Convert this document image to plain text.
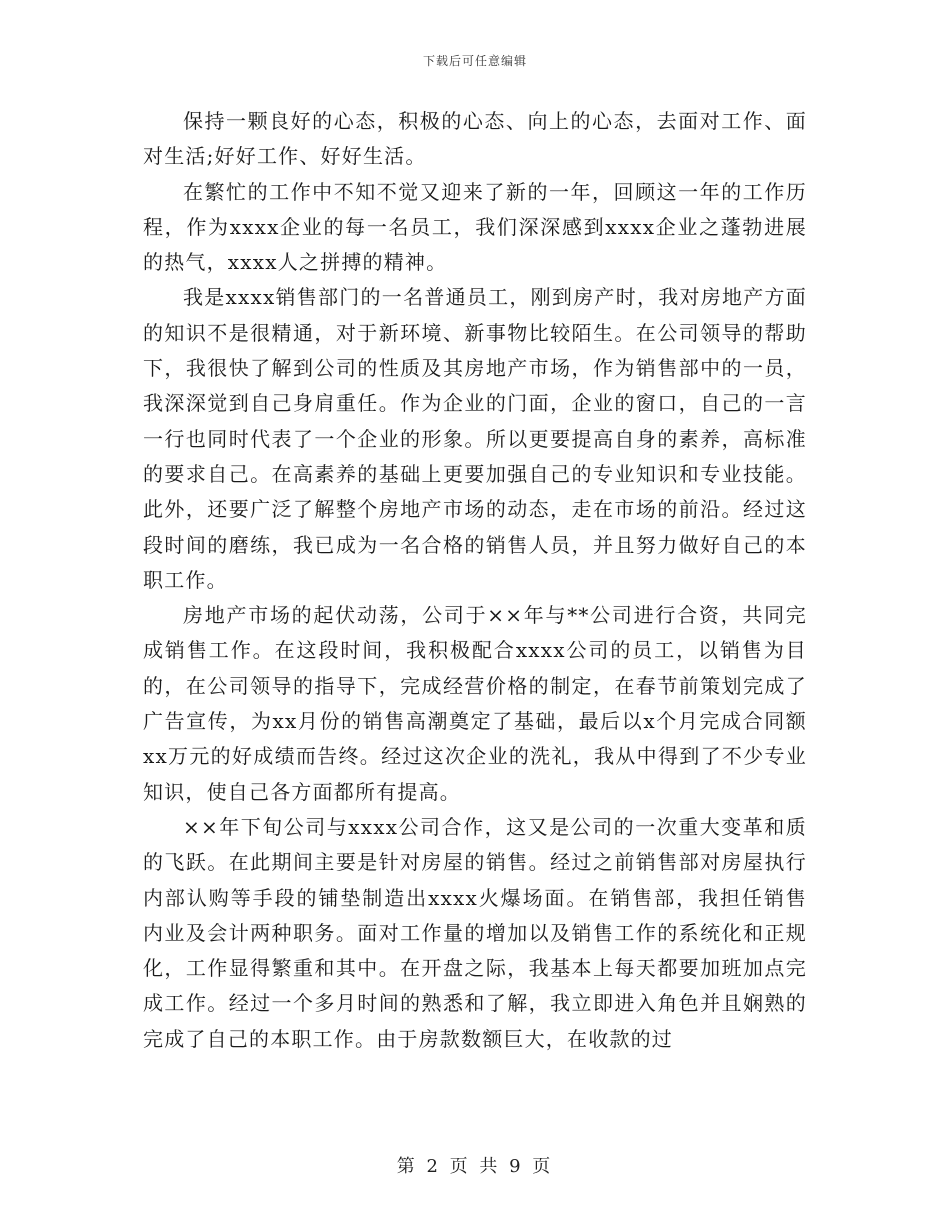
下载后可任意编辑

保持一颗良好的心态，积极的心态、向上的心态，去面对工作、面对生活;好好工作、好好生活。

在繁忙的工作中不知不觉又迎来了新的一年，回顾这一年的工作历程，作为xxxx企业的每一名员工，我们深深感到xxxx企业之蓬勃进展的热气，xxxx人之拼搏的精神。

我是xxxx销售部门的一名普通员工，刚到房产时，我对房地产方面的知识不是很精通，对于新环境、新事物比较陌生。在公司领导的帮助下，我很快了解到公司的性质及其房地产市场，作为销售部中的一员，我深深觉到自己身肩重任。作为企业的门面，企业的窗口，自己的一言一行也同时代表了一个企业的形象。所以更要提高自身的素养，高标准的要求自己。在高素养的基础上更要加强自己的专业知识和专业技能。此外，还要广泛了解整个房地产市场的动态，走在市场的前沿。经过这段时间的磨练，我已成为一名合格的销售人员，并且努力做好自己的本职工作。

房地产市场的起伏动荡，公司于××年与**公司进行合资，共同完成销售工作。在这段时间，我积极配合xxxx公司的员工，以销售为目的，在公司领导的指导下，完成经营价格的制定，在春节前策划完成了广告宣传，为xx月份的销售高潮奠定了基础，最后以x个月完成合同额xx万元的好成绩而告终。经过这次企业的洗礼，我从中得到了不少专业知识，使自己各方面都所有提高。

××年下旬公司与xxxx公司合作，这又是公司的一次重大变革和质的飞跃。在此期间主要是针对房屋的销售。经过之前销售部对房屋执行内部认购等手段的铺垫制造出xxxx火爆场面。在销售部，我担任销售内业及会计两种职务。面对工作量的增加以及销售工作的系统化和正规化，工作显得繁重和其中。在开盘之际，我基本上每天都要加班加点完成工作。经过一个多月时间的熟悉和了解，我立即进入角色并且娴熟的完成了自己的本职工作。由于房款数额巨大，在收款的过

第 2 页 共 9 页
